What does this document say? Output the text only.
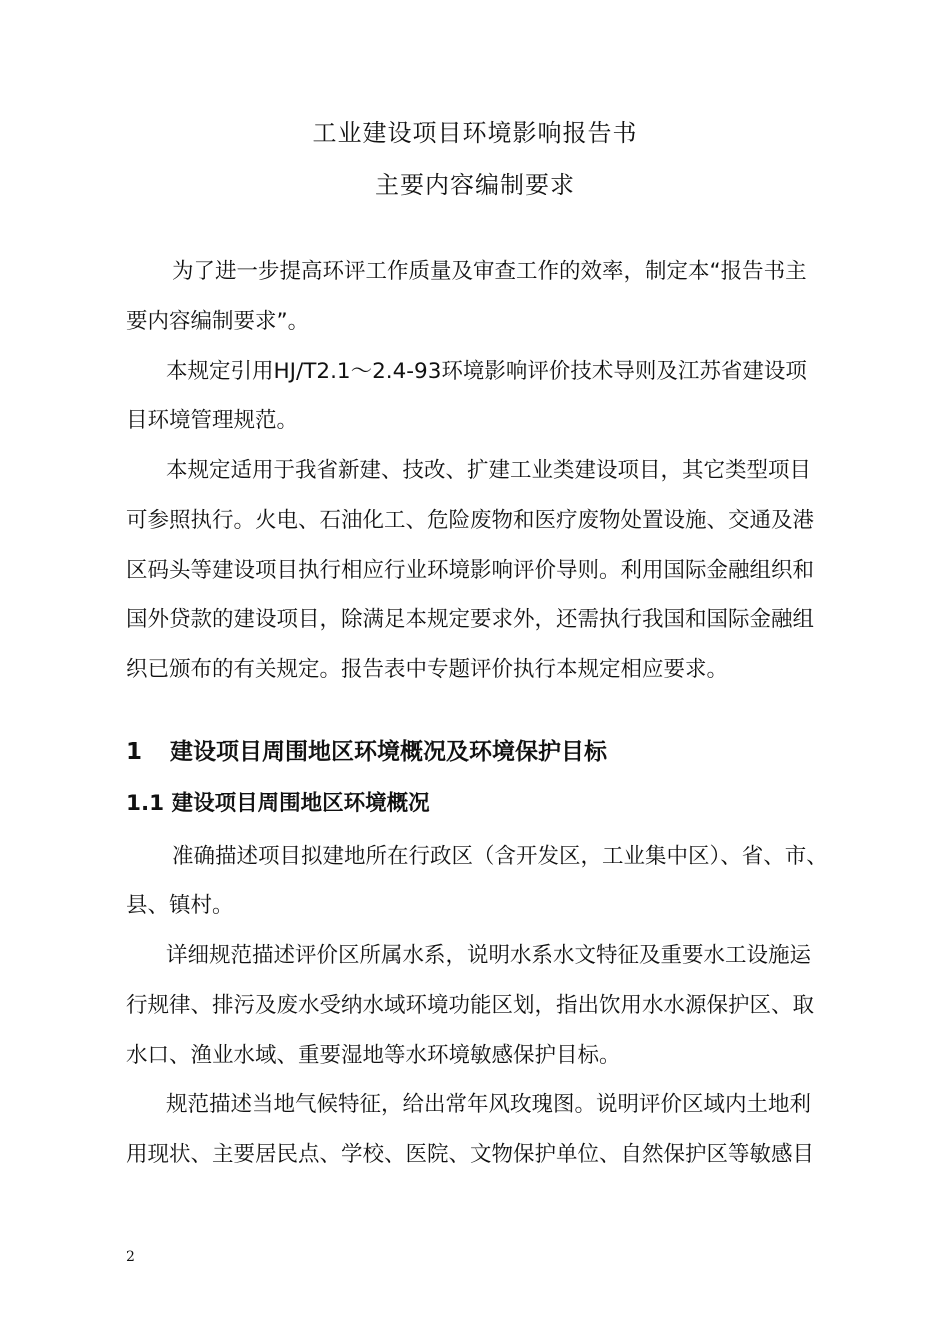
工业建设项目环境影响报告书
主要内容编制要求
为了进一步提高环评工作质量及审查工作的效率，制定本“报告书主
要内容编制要求”。
本规定引用HJ/T2.1～2.4-93环境影响评价技术导则及江苏省建设项
目环境管理规范。
本规定适用于我省新建、技改、扩建工业类建设项目，其它类型项目
可参照执行。火电、石油化工、危险废物和医疗废物处置设施、交通及港
区码头等建设项目执行相应行业环境影响评价导则。利用国际金融组织和
国外贷款的建设项目，除满足本规定要求外，还需执行我国和国际金融组
织已颁布的有关规定。报告表中专题评价执行本规定相应要求。
1 建设项目周围地区环境概况及环境保护目标
1.1 建设项目周围地区环境概况
准确描述项目拟建地所在行政区（含开发区，工业集中区）、省、市、
县、镇村。
详细规范描述评价区所属水系，说明水系水文特征及重要水工设施运
行规律、排污及废水受纳水域环境功能区划，指出饮用水水源保护区、取
水口、渔业水域、重要湿地等水环境敏感保护目标。
规范描述当地气候特征，给出常年风玫瑰图。说明评价区域内土地利
用现状、主要居民点、学校、医院、文物保护单位、自然保护区等敏感目
2
